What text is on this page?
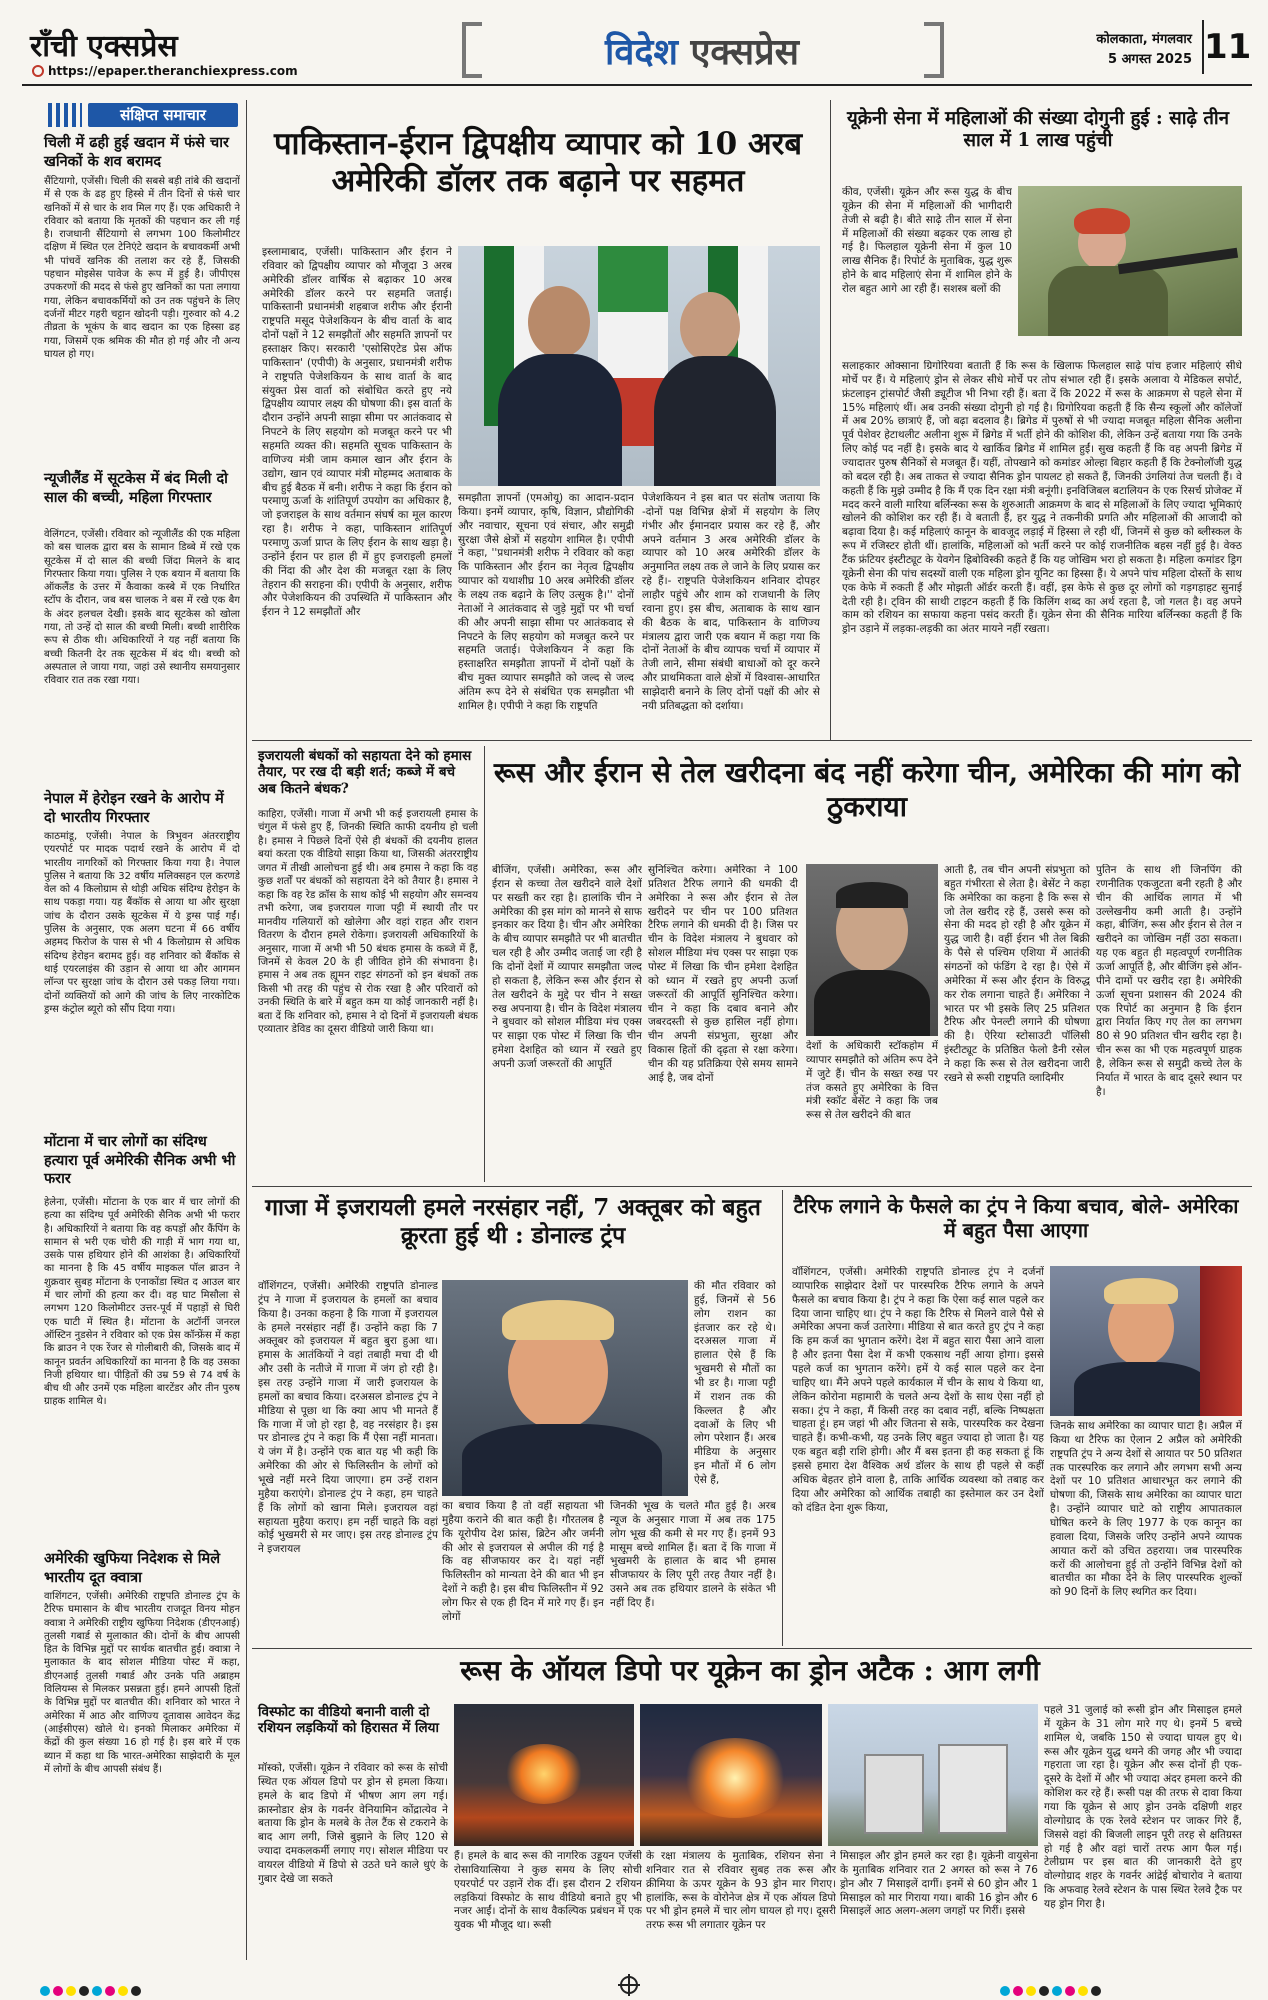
राँची एक्सप्रेस
https://epaper.theranchiexpress.com	विदेश एक्सप्रेस	कोलकाता, मंगलवार
5 अगस्त 2025 11
संक्षिप्त समाचार
चिली में ढही हुई खदान में फंसे चार खनिकों के शव बरामद
सैंटियागो, एजेंसी। चिली की सबसे बड़ी तांबे की खदानों में से एक के ढह हुए हिस्से में तीन दिनों से फंसे चार खनिकों में से चार के शव मिल गए हैं। एक अधिकारी ने रविवार को बताया कि मृतकों की पहचान कर ली गई है। राजधानी सैंटियागो से लगभग 100 किलोमीटर दक्षिण में स्थित एल टेनिएंटे खदान के बचावकर्मी अभी भी पांचवें खनिक की तलाश कर रहे हैं, जिसकी पहचान मोइसेस पावेज के रूप में हुई है। जीपीएस उपकरणों की मदद से फंसे हुए खनिकों का पता लगाया गया, लेकिन बचावकर्मियों को उन तक पहुंचने के लिए दर्जनों मीटर गहरी चट्टान खोदनी पड़ी। गुरुवार को 4.2 तीव्रता के भूकंप के बाद खदान का एक हिस्सा ढह गया, जिसमें एक श्रमिक की मौत हो गई और नौ अन्य घायल हो गए।
न्यूजीलैंड में सूटकेस में बंद मिली दो साल की बच्ची, महिला गिरफ्तार
वेलिंगटन, एजेंसी। रविवार को न्यूजीलैंड की एक महिला को बस चालक द्वारा बस के सामान डिब्बे में रखे एक सूटकेस में दो साल की बच्ची जिंदा मिलने के बाद गिरफ्तार किया गया। पुलिस ने एक बयान में बताया कि ऑकलैंड के उत्तर में कैवाका कस्बे में एक निर्धारित स्टॉप के दौरान, जब बस चालक ने बस में रखे एक बैग के अंदर हलचल देखी। इसके बाद सूटकेस को खोला गया, तो उन्हें दो साल की बच्ची मिली। बच्ची शारीरिक रूप से ठीक थी। अधिकारियों ने यह नहीं बताया कि बच्ची कितनी देर तक सूटकेस में बंद थी। बच्ची को अस्पताल ले जाया गया, जहां उसे स्थानीय समयानुसार रविवार रात तक रखा गया।
नेपाल में हेरोइन रखने के आरोप में दो भारतीय गिरफ्तार
काठमांडू, एजेंसी। नेपाल के त्रिभुवन अंतरराष्ट्रीय एयरपोर्ट पर मादक पदार्थ रखने के आरोप में दो भारतीय नागरिकों को गिरफ्तार किया गया है। नेपाल पुलिस ने बताया कि 32 वर्षीय मलिक्सहन एल करणडे वेल को 4 किलोग्राम से थोड़ी अधिक संदिग्ध हेरोइन के साथ पकड़ा गया। यह बैंकॉक से आया था और सुरक्षा जांच के दौरान उसके सूटकेस में ये ड्रग्स पाई गईं। पुलिस के अनुसार, एक अलग घटना में 66 वर्षीय अहमद फिरोज के पास से भी 4 किलोग्राम से अधिक संदिग्ध हेरोइन बरामद हुई। वह शनिवार को बैंकॉक से थाई एयरलाइंस की उड़ान से आया था और आगमन लॉन्ज पर सुरक्षा जांच के दौरान उसे पकड़ लिया गया। दोनों व्यक्तियों को आगे की जांच के लिए नारकोटिक ड्रग्स कंट्रोल ब्यूरो को सौंप दिया गया।
मोंटाना में चार लोगों का संदिग्ध हत्यारा पूर्व अमेरिकी सैनिक अभी भी फरार
हेलेना, एजेंसी। मोंटाना के एक बार में चार लोगों की हत्या का संदिग्ध पूर्व अमेरिकी सैनिक अभी भी फरार है। अधिकारियों ने बताया कि वह कपड़ों और कैंपिंग के सामान से भरी एक चोरी की गाड़ी में भाग गया था, उसके पास हथियार होने की आशंका है। अधिकारियों का मानना है कि 45 वर्षीय माइकल पॉल ब्राउन ने शुक्रवार सुबह मोंटाना के एनाकोंडा स्थित द आउल बार में चार लोगों की हत्या कर दी। वह घाट मिसौला से लगभग 120 किलोमीटर उत्तर-पूर्व में पहाड़ों से घिरी एक घाटी में स्थित है। मोंटाना के अटॉर्नी जनरल ऑस्टिन नुडसेन ने रविवार को एक प्रेस कॉन्फ्रेंस में कहा कि ब्राउन ने एक रेंजर से गोलीबारी की, जिसके बाद में कानून प्रवर्तन अधिकारियों का मानना है कि वह उसका निजी हथियार था। पीड़ितों की उम्र 59 से 74 वर्ष के बीच थी और उनमें एक महिला बारटेंडर और तीन पुरुष ग्राहक शामिल थे।
अमेरिकी खुफिया निदेशक से मिले भारतीय दूत क्वात्रा
वाशिंगटन, एजेंसी। अमेरिकी राष्ट्रपति डोनाल्ड ट्रंप के टैरिफ घमासान के बीच भारतीय राजदूत विनय मोहन क्वात्रा ने अमेरिकी राष्ट्रीय खुफिया निदेशक (डीएनआई) तुलसी गबार्ड से मुलाकात की। दोनों के बीच आपसी हित के विभिन्न मुद्दों पर सार्थक बातचीत हुई। क्वात्रा ने मुलाकात के बाद सोशल मीडिया पोस्ट में कहा, डीएनआई तुलसी गबार्ड और उनके पति अब्राहम विलियम्स से मिलकर प्रसन्नता हुई। हमने आपसी हितों के विभिन्न मुद्दों पर बातचीत की। शनिवार को भारत ने अमेरिका में आठ और वाणिज्य दूतावास आवेदन केंद्र (आईसीएस) खोले थे। इनको मिलाकर अमेरिका में केंद्रों की कुल संख्या 16 हो गई है। इस बारे में एक ब्यान में कहा था कि भारत-अमेरिका साझेदारी के मूल में लोगों के बीच आपसी संबंध हैं।
पाकिस्तान-ईरान द्विपक्षीय व्यापार को 10 अरब अमेरिकी डॉलर तक बढ़ाने पर सहमत
इस्लामाबाद, एजेंसी। पाकिस्तान और ईरान ने रविवार को द्विपक्षीय व्यापार को मौजूदा 3 अरब अमेरिकी डॉलर वार्षिक से बढ़ाकर 10 अरब अमेरिकी डॉलर करने पर सहमति जताई। पाकिस्तानी प्रधानमंत्री शहबाज शरीफ और ईरानी राष्ट्रपति मसूद पेजेशकियन के बीच वार्ता के बाद दोनों पक्षों ने 12 समझौतों और सहमति ज्ञापनों पर हस्ताक्षर किए। सरकारी 'एसोसिएटेड प्रेस ऑफ पाकिस्तान' (एपीपी) के अनुसार, प्रधानमंत्री शरीफ ने राष्ट्रपति पेजेशकियन के साथ वार्ता के बाद संयुक्त प्रेस वार्ता को संबोधित करते हुए नये द्विपक्षीय व्यापार लक्ष्य की घोषणा की। इस वार्ता के दौरान उन्होंने अपनी साझा सीमा पर आतंकवाद से निपटने के लिए सहयोग को मजबूत करने पर भी सहमति व्यक्त की। सहमति सूचक पाकिस्तान के वाणिज्य मंत्री जाम कमाल खान और ईरान के उद्योग, खान एवं व्यापार मंत्री मोहम्मद अताबाक के बीच हुई बैठक में बनी। शरीफ ने कहा कि ईरान को परमाणु ऊर्जा के शांतिपूर्ण उपयोग का अधिकार है, जो इजराइल के साथ वर्तमान संघर्ष का मूल कारण रहा है। शरीफ ने कहा, पाकिस्तान शांतिपूर्ण परमाणु ऊर्जा प्राप्त के लिए ईरान के साथ खड़ा है। उन्होंने ईरान पर हाल ही में हुए इजराइली हमलों की निंदा की और देश की मजबूत रक्षा के लिए तेहरान की सराहना की। एपीपी के अनुसार, शरीफ और पेजेशकियन की उपस्थिति में पाकिस्तान और ईरान ने 12 समझौतों और
समझौता ज्ञापनों (एमओयू) का आदान-प्रदान किया। इनमें व्यापार, कृषि, विज्ञान, प्रौद्योगिकी और नवाचार, सूचना एवं संचार, और समुद्री सुरक्षा जैसे क्षेत्रों में सहयोग शामिल है। एपीपी ने कहा, ''प्रधानमंत्री शरीफ ने रविवार को कहा कि पाकिस्तान और ईरान का नेतृत्व द्विपक्षीय व्यापार को यथाशीघ्र 10 अरब अमेरिकी डॉलर के लक्ष्य तक बढ़ाने के लिए उत्सुक है।'' दोनों नेताओं ने आतंकवाद से जुड़े मुद्दों पर भी चर्चा की और अपनी साझा सीमा पर आतंकवाद से निपटने के लिए सहयोग को मजबूत करने पर सहमति जताई। पेजेशकियन ने कहा कि हस्ताक्षरित समझौता ज्ञापनों में दोनों पक्षों के बीच मुक्त व्यापार समझौते को जल्द से जल्द अंतिम रूप देने से संबंधित एक समझौता भी शामिल है। एपीपी ने कहा कि राष्ट्रपति
पेजेशकियन ने इस बात पर संतोष जताया कि -दोनों पक्ष विभिन्न क्षेत्रों में सहयोग के लिए गंभीर और ईमानदार प्रयास कर रहे हैं, और अपने वर्तमान 3 अरब अमेरिकी डॉलर के व्यापार को 10 अरब अमेरिकी डॉलर के अनुमानित लक्ष्य तक ले जाने के लिए प्रयास कर रहे हैं।- राष्ट्रपति पेजेशकियन शनिवार दोपहर लाहौर पहुंचे और शाम को राजधानी के लिए रवाना हुए। इस बीच, अताबाक के साथ खान की बैठक के बाद, पाकिस्तान के वाणिज्य मंत्रालय द्वारा जारी एक बयान में कहा गया कि दोनों नेताओं के बीच व्यापक चर्चा में व्यापार में तेजी लाने, सीमा संबंधी बाधाओं को दूर करने और प्राथमिकता वाले क्षेत्रों में विश्वास-आधारित साझेदारी बनाने के लिए दोनों पक्षों की ओर से नयी प्रतिबद्धता को दर्शाया।
यूक्रेनी सेना में महिलाओं की संख्या दोगुनी हुई : साढ़े तीन साल में 1 लाख पहुंची
कीव, एजेंसी। यूक्रेन और रूस युद्ध के बीच यूक्रेन की सेना में महिलाओं की भागीदारी तेजी से बढ़ी है। बीते साढ़े तीन साल में सेना में महिलाओं की संख्या बढ़कर एक लाख हो गई है। फिलहाल यूक्रेनी सेना में कुल 10 लाख सैनिक हैं। रिपोर्ट के मुताबिक, युद्ध शुरू होने के बाद महिलाएं सेना में शामिल होने के रोल बहुत आगे आ रही हैं। सशस्त्र बलों की
सलाहकार ओक्साना ग्रिगोरियवा बताती हैं कि रूस के खिलाफ फिलहाल साढ़े पांच हजार महिलाएं सीधे मोर्चे पर हैं। ये महिलाएं ड्रोन से लेकर सीधे मोर्चे पर तोप संभाल रही हैं। इसके अलावा ये मेडिकल सपोर्ट, फ्रंटलाइन ट्रांसपोर्ट जैसी ड्यूटीज भी निभा रही हैं। बता दें कि 2022 में रूस के आक्रमण से पहले सेना में 15% महिलाएं थीं। अब उनकी संख्या दोगुनी हो गई है। ग्रिगोरियवा कहती हैं कि सैन्य स्कूलों और कॉलेजों में अब 20% छात्राएं हैं, जो बढ़ा बदलाव है। ब्रिगेड में पुरुषों से भी ज्यादा मजबूत महिला सैनिक अलीना पूर्व पेशेवर हेटाथलीट अलीना शुरू में ब्रिगेड में भर्ती होने की कोशिश की, लेकिन उन्हें बताया गया कि उनके लिए कोई पद नहीं है। इसके बाद ये खार्किव ब्रिगेड में शामिल हुईं। सुख कहती हैं कि वह अपनी ब्रिगेड में ज्यादातर पुरुष सैनिकों से मजबूत हैं। यहीं, तोपखाने को कमांडर ओल्हा बिहार कहती हैं कि टेक्नोलॉजी युद्ध को बदल रही है। अब ताकत से ज्यादा सैनिक ड्रोन पायलट हो सकते हैं, जिनकी उंगलियां तेज चलती हैं। वे कहती हैं कि मुझे उम्मीद है कि मैं एक दिन रक्षा मंत्री बनूंगी। इनविजिबल बटालियन के एक रिसर्च प्रोजेक्ट में मदद करने वाली मारिया बर्लिन्स्का रूस के शुरुआती आक्रमण के बाद से महिलाओं के लिए ज्यादा भूमिकाएं खोलने की कोशिश कर रही हैं। वे बताती हैं, हर युद्ध ने तकनीकी प्रगति और महिलाओं की आजादी को बढ़ावा दिया है। कई महिलाएं कानून के बावजूद लड़ाई में हिस्सा ले रही थीं, जिनमें से कुछ को ब्लीस्कल के रूप में रजिस्टर होती थीं। हालांकि, महिलाओं को भर्ती करने पर कोई राजनीतिक बहस नहीं हुई है। वेक्ठ टैंक फ्रंटियर इंस्टीट्यूट के येवगेन ह्रिबोविस्की कहते हैं कि यह जोखिम भरा हो सकता है। महिला कमांडर ड्रिग यूक्रेनी सेना की पांच सदस्यों वाली एक महिला ड्रोन यूनिट का हिस्सा हैं। ये अपने पांच महिला दोस्तों के साथ एक केफे में रुकती हैं और मोझती ऑर्डर करती हैं। वहीं, इस केफे से कुछ दूर लोगों को गड़गड़ाहट सुनाई देती रही है। ट्विन की साथी टाइटन कहती हैं कि किलिंग शब्द का अर्थ रहता है, जो गलत है। वह अपने काम को रशियन का सफाया कहना पसंद करती हैं। यूक्रेन सेना की सैनिक मारिया बर्लिन्स्का कहती हैं कि ड्रोन उड़ाने में लड़का-लड़की का अंतर मायने नहीं रखता।
इजरायली बंधकों को सहायता देने को हमास तैयार, पर रख दी बड़ी शर्त; कब्जे में बचे अब कितने बंधक?
काहिरा, एजेंसी। गाजा में अभी भी कई इजरायली हमास के चंगुल में फंसे हुए हैं, जिनकी स्थिति काफी दयनीय हो चली है। हमास ने पिछले दिनों ऐसे ही बंधकों की दयनीय हालत बयां करता एक वीडियो साझा किया था, जिसकी अंतरराष्ट्रीय जगत में तीखी आलोचना हुई थी। अब हमास ने कहा कि वह कुछ शर्तों पर बंधकों को सहायता देने को तैयार है। हमास ने कहा कि वह रेड क्रॉस के साथ कोई भी सहयोग और समन्वय तभी करेगा, जब इजरायल गाजा पट्टी में स्थायी तौर पर मानवीय गलियारों को खोलेगा और वहां राहत और राशन वितरण के दौरान हमले रोकेगा। इजरायली अधिकारियों के अनुसार, गाजा में अभी भी 50 बंधक हमास के कब्जे में हैं, जिनमें से केवल 20 के ही जीवित होने की संभावना है। हमास ने अब तक ह्यूमन राइट संगठनों को इन बंधकों तक किसी भी तरह की पहुंच से रोक रखा है और परिवारों को उनकी स्थिति के बारे में बहुत कम या कोई जानकारी नहीं है। बता दें कि शनिवार को, हमास ने दो दिनों में इजरायली बंधक एव्यातार डेविड का दूसरा वीडियो जारी किया था।
रूस और ईरान से तेल खरीदना बंद नहीं करेगा चीन, अमेरिका की मांग को ठुकराया
बीजिंग, एजेंसी। अमेरिका, रूस और ईरान से कच्चा तेल खरीदने वाले देशों पर सख्ती कर रहा है। हालांकि चीन ने अमेरिका की इस मांग को मानने से साफ इनकार कर दिया है। चीन और अमेरिका के बीच व्यापार समझौते पर भी बातचीत चल रही है और उम्मीद जताई जा रही है कि दोनों देशों में व्यापार समझौता जल्द हो सकता है, लेकिन रूस और ईरान से तेल खरीदने के मुद्दे पर चीन ने सख्त रुख अपनाया है। चीन के विदेश मंत्रालय ने बुधवार को सोशल मीडिया मंच एक्स पर साझा एक पोस्ट में लिखा कि चीन हमेशा देशहित को ध्यान में रखते हुए अपनी ऊर्जा जरूरतों की आपूर्ति
सुनिश्चित करेगा। अमेरिका ने 100 प्रतिशत टैरिफ लगाने की धमकी दी अमेरिका ने रूस और ईरान से तेल खरीदने पर चीन पर 100 प्रतिशत टैरिफ लगाने की धमकी दी है। जिस पर चीन के विदेश मंत्रालय ने बुधवार को सोशल मीडिया मंच एक्स पर साझा एक पोस्ट में लिखा कि चीन हमेशा देशहित को ध्यान में रखते हुए अपनी ऊर्जा जरूरतों की आपूर्ति सुनिश्चित करेगा। चीन ने कहा कि दबाव बनाने और जबरदस्ती से कुछ हासिल नहीं होगा। चीन अपनी संप्रभुता, सुरक्षा और विकास हितों की दृढ़ता से रक्षा करेगा। चीन की यह प्रतिक्रिया ऐसे समय सामने आई है, जब दोनों
देशों के अधिकारी स्टॉकहोम में व्यापार समझौते को अंतिम रूप देने में जुटे हैं। चीन के सख्त रुख पर तंज कसते हुए अमेरिका के वित्त मंत्री स्कॉट बेसेंट ने कहा कि जब रूस से तेल खरीदने की बात
आती है, तब चीन अपनी संप्रभुता को बहुत गंभीरता से लेता है। बेसेंट ने कहा कि अमेरिका का कहना है कि रूस से जो तेल खरीद रहे हैं, उससे रूस को सेना की मदद हो रही है और यूक्रेन में युद्ध जारी है। वहीं ईरान भी तेल बिक्री के पैसे से पश्चिम एशिया में आतंकी संगठनों को फंडिंग दे रहा है। ऐसे में अमेरिका में रूस और ईरान के विरुद्ध कर रोक लगाना चाहते हैं। अमेरिका ने भारत पर भी इसके लिए 25 प्रतिशत टैरिफ और पेनल्टी लगाने की घोषणा की है। ऐरिया स्टोसाउटी पॉलिसी इंस्टीट्यूट के प्रतिष्ठित फेलो डैनी रसेल ने कहा कि रूस से तेल खरीदना जारी रखने से रूसी राष्ट्रपति व्लादिमीर
पुतिन के साथ शी जिनपिंग की रणनीतिक एकजुटता बनी रहती है और चीन की आर्थिक लागत में भी उल्लेखनीय कमी आती है। उन्होंने कहा, बीजिंग, रूस और ईरान से तेल न खरीदने का जोखिम नहीं उठा सकता। यह एक बहुत ही महत्वपूर्ण रणनीतिक ऊर्जा आपूर्ति है, और बीजिंग इसे ऑन-पीने दामों पर खरीद रहा है। अमेरिकी ऊर्जा सूचना प्रशासन की 2024 की एक रिपोर्ट का अनुमान है कि ईरान द्वारा निर्यात किए गए तेल का लगभग 80 से 90 प्रतिशत चीन खरीद रहा है। चीन रूस का भी एक महत्वपूर्ण ग्राहक है, लेकिन रूस से समुद्री कच्चे तेल के निर्यात में भारत के बाद दूसरे स्थान पर है।
गाजा में इजरायली हमले नरसंहार नहीं, 7 अक्तूबर को बहुत क्रूरता हुई थी : डोनाल्ड ट्रंप
वॉशिंगटन, एजेंसी। अमेरिकी राष्ट्रपति डोनाल्ड ट्रंप ने गाजा में इजरायल के हमलों का बचाव किया है। उनका कहना है कि गाजा में इजरायल के हमले नरसंहार नहीं हैं। उन्होंने कहा कि 7 अक्तूबर को इजरायल में बहुत बुरा हुआ था। हमास के आतंकियों ने वहां तबाही मचा दी थी और उसी के नतीजे में गाजा में जंग हो रही है। इस तरह उन्होंने गाजा में जारी इजरायल के हमलों का बचाव किया। दरअसल डोनाल्ड ट्रंप ने मीडिया से पूछा था कि क्या आप भी मानते हैं कि गाजा में जो हो रहा है, वह नरसंहार है। इस पर डोनाल्ड ट्रंप ने कहा कि मैं ऐसा नहीं मानता। ये जंग में है। उन्होंने एक बात यह भी कही कि अमेरिका की ओर से फिलिस्तीन के लोगों को भूखे नहीं मरने दिया जाएगा। हम उन्हें राशन मुहैया कराएंगे। डोनाल्ड ट्रंप ने कहा, हम चाहते हैं कि लोगों को खाना मिले। इजरायल वहां सहायता मुहैया कराए। हम नहीं चाहते कि वहां कोई भुखमरी से मर जाए। इस तरह डोनाल्ड ट्रंप ने इजरायल
की मौत रविवार को हुई, जिनमें से 56 लोग राशन का इंतजार कर रहे थे। दरअसल गाजा में हालात ऐसे हैं कि भुखमरी से मौतों का भी डर है। गाजा पट्टी में राशन तक की किल्लत है और दवाओं के लिए भी लोग परेशान हैं। अरब मीडिया के अनुसार इन मौतों में 6 लोग ऐसे हैं,
का बचाव किया है तो वहीं सहायता भी मुहैया कराने की बात कही है। गौरतलब है कि यूरोपीय देश फ्रांस, ब्रिटेन और जर्मनी की ओर से इजरायल से अपील की गई है कि वह सीजफायर कर दे। यहां नहीं फिलिस्तीन को मान्यता देने की बात भी इन देशों ने कही है। इस बीच फिलिस्तीन में 92 लोग फिर से एक ही दिन में मारे गए हैं। इन लोगों
जिनकी भूख के चलते मौत हुई है। अरब न्यूज के अनुसार गाजा में अब तक 175 लोग भूख की कमी से मर गए हैं। इनमें 93 मासूम बच्चे शामिल हैं। बता दें कि गाजा में भुखमरी के हालात के बाद भी हमास सीजफायर के लिए पूरी तरह तैयार नहीं है। उसने अब तक हथियार डालने के संकेत भी नहीं दिए हैं।
टैरिफ लगाने के फैसले का ट्रंप ने किया बचाव, बोले- अमेरिका में बहुत पैसा आएगा
वॉशिंगटन, एजेंसी। अमेरिकी राष्ट्रपति डोनाल्ड ट्रंप ने दर्जनों व्यापारिक साझेदार देशों पर पारस्परिक टैरिफ लगाने के अपने फैसले का बचाव किया है। ट्रंप ने कहा कि ऐसा कई साल पहले कर दिया जाना चाहिए था। ट्रंप ने कहा कि टैरिफ से मिलने वाले पैसे से अमेरिका अपना कर्ज उतारेगा। मीडिया से बात करते हुए ट्रंप ने कहा कि हम कर्ज का भुगतान करेंगे। देश में बहुत सारा पैसा आने वाला है और इतना पैसा देश में कभी एकसाथ नहीं आया होगा। इससे पहले कर्ज का भुगतान करेंगे। हमें ये कई साल पहले कर देना चाहिए था। मैंने अपने पहले कार्यकाल में चीन के साथ ये किया था, लेकिन कोरोना महामारी के चलते अन्य देशों के साथ ऐसा नहीं हो सका। ट्रंप ने कहा, मैं किसी तरह का दबाव नहीं, बल्कि निष्पक्षता चाहता हूं। हम जहां भी और जितना से सके, पारस्परिक कर देखना चाहते हैं। कभी-कभी, यह उनके लिए बहुत ज्यादा हो जाता है। यह एक बहुत बड़ी राशि होगी। और मैं बस इतना ही कह सकता हूं कि इससे हमारा देश वैश्विक अर्थ डॉलर के साथ ही पहले से कहीं अधिक बेहतर होने वाला है, ताकि आर्थिक व्यवस्था को तबाह कर दिया और अमेरिका को आर्थिक तबाही का इस्तेमाल कर उन देशों को दंडित देना शुरू किया,
जिनके साथ अमेरिका का व्यापार घाटा है। अप्रैल में किया था टैरिफ का ऐलान 2 अप्रैल को अमेरिकी राष्ट्रपति ट्रंप ने अन्य देशों से आयात पर 50 प्रतिशत तक पारस्परिक कर लगाने और लगभग सभी अन्य देशों पर 10 प्रतिशत आधारभूत कर लगाने की घोषणा की, जिसके साथ अमेरिका का व्यापार घाटा है। उन्होंने व्यापार घाटे को राष्ट्रीय आपातकाल घोषित करने के लिए 1977 के एक कानून का हवाला दिया, जिसके जरिए उन्होंने अपने व्यापक आयात करों को उचित ठहराया। जब पारस्परिक करों की आलोचना हुई तो उन्होंने विभिन्न देशों को बातचीत का मौका देने के लिए पारस्परिक शुल्कों को 90 दिनों के लिए स्थगित कर दिया।
रूस के ऑयल डिपो पर यूक्रेन का ड्रोन अटैक : आग लगी
विस्फोट का वीडियो बनानी वाली दो रशियन लड़कियों को हिरासत में लिया
मॉस्को, एजेंसी। यूक्रेन ने रविवार को रूस के सोची स्थित एक ऑयल डिपो पर ड्रोन से हमला किया। हमले के बाद डिपो में भीषण आग लग गई। क्रास्नोडार क्षेत्र के गवर्नर वेनियामिन कोंद्रात्येव ने बताया कि ड्रोन के मलबे के तेल टैंक से टकराने के बाद आग लगी, जिसे बुझाने के लिए 120 से ज्यादा दमकलकर्मी लगाए गए। सोशल मीडिया पर वायरल वीडियो में डिपो से उठते घने काले धुएं के गुबार देखे जा सकते
हैं। हमले के बाद रूस की नागरिक उड्डयन एजेंसी रोसावियात्सिया ने कुछ समय के लिए सोची एयरपोर्ट पर उड़ानें रोक दीं। इस दौरान 2 रशियन लड़कियां विस्फोट के साथ वीडियो बनाते हुए भी नजर आईं। दोनों के साथ वैकल्पिक प्रबंधन में एक युवक भी मौजूद था। रूसी
के रक्षा मंत्रालय के मुताबिक, रशियन सेना ने शनिवार रात से रविवार सुबह तक रूस और क्रीमिया के ऊपर यूक्रेन के 93 ड्रोन मार गिराए। हालांकि, रूस के वोरोनेज क्षेत्र में एक ऑयल डिपो पर भी ड्रोन हमले में चार लोग घायल हो गए। दूसरी तरफ रूस भी लगातार यूक्रेन पर
मिसाइल और ड्रोन हमले कर रहा है। यूक्रेनी वायुसेना के मुताबिक शनिवार रात 2 अगस्त को रूस ने 76 ड्रोन और 7 मिसाइलें दागीं। इनमें से 60 ड्रोन और 1 मिसाइल को मार गिराया गया। बाकी 16 ड्रोन और 6 मिसाइलें आठ अलग-अलग जगहों पर गिरीं। इससे
पहले 31 जुलाई को रूसी ड्रोन और मिसाइल हमले में यूक्रेन के 31 लोग मारे गए थे। इनमें 5 बच्चे शामिल थे, जबकि 150 से ज्यादा घायल हुए थे। रूस और यूक्रेन युद्ध थमने की जगह और भी ज्यादा गहराता जा रहा है। यूक्रेन और रूस दोनों ही एक-दूसरे के देशों में और भी ज्यादा अंदर हमला करने की कोशिश कर रहे हैं। रूसी पक्ष की तरफ से दावा किया गया कि यूक्रेन से आए ड्रोन उनके दक्षिणी शहर वोल्गोग्राद के एक रेलवे स्टेशन पर जाकर गिरे हैं, जिससे वहां की बिजली लाइन पूरी तरह से क्षतिग्रस्त हो गई है और वहां चारों तरफ आग फैल गई। टेलीग्राम पर इस बात की जानकारी देते हुए वोल्गोग्राद शहर के गवर्नर आंद्रेई बोचारोव ने बताया कि अफवाह रेलवे स्टेशन के पास स्थित रेलवे ट्रैक पर यह ड्रोन गिरा है।
